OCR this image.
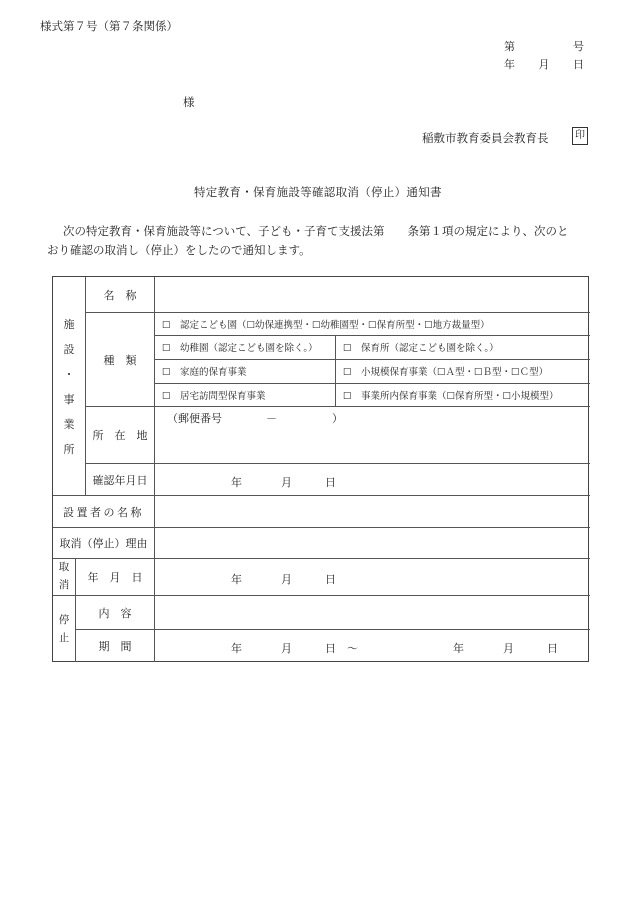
様式第７号（第７条関係）
第	号
年 月 日
様
稲敷市教育委員会教育長	印
特定教育・保育施設等確認取消（停止）通知書
次の特定教育・保育施設等について、子ども・子育て支援法第　　条第１項の規定により、次のと
おり確認の取消し（停止）をしたので通知します。
施
設
・
事
業
所
名　称
種　類
☐　認定こども園（☐幼保連携型・☐幼稚園型・☐保育所型・☐地方裁量型）
☐　幼稚園（認定こども園を除く。）	☐　保育所（認定こども園を除く。）
☐　家庭的保育事業	☐　小規模保育事業（☐Ａ型・☐Ｂ型・☐Ｃ型）
☐　居宅訪問型保育事業	☐　事業所内保育事業（☐保育所型・☐小規模型）
所　在　地
（郵便番号　　　　－　　　　　）
確認年月日	年	月	日
設置者の名称
取消（停止）理由
取
消
年　月　日	年	月	日
停
止
内　容
期　間	年	月	日 ～	年	月	日
